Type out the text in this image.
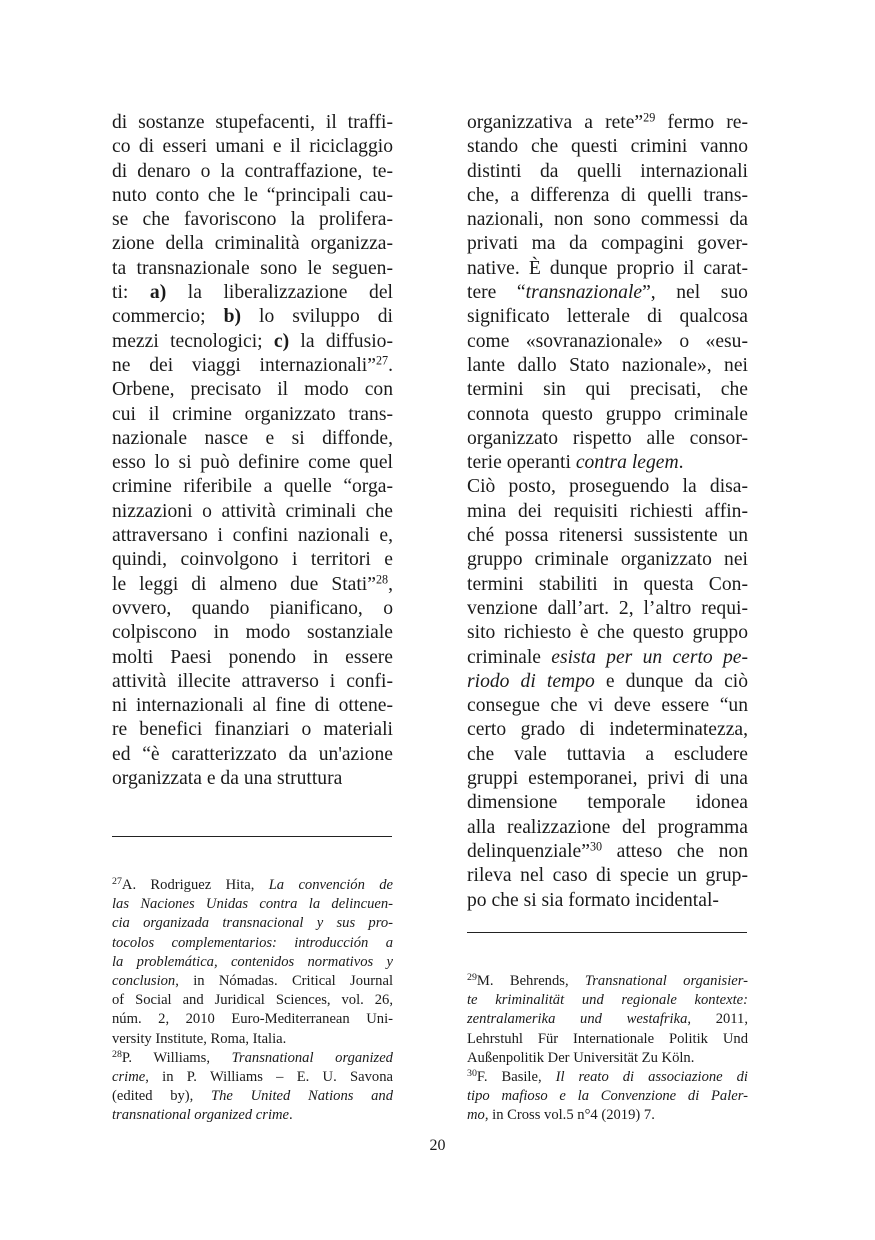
di sostanze stupefacenti, il traffi-
co di esseri umani e il riciclaggio
di denaro o la contraffazione, te-
nuto conto che le “principali cau-
se che favoriscono la prolifera-
zione della criminalità organizza-
ta transnazionale sono le seguen-
ti: a) la liberalizzazione del
commercio; b) lo sviluppo di
mezzi tecnologici; c) la diffusio-
ne dei viaggi internazionali”$^{27}$.
Orbene, precisato il modo con
cui il crimine organizzato trans-
nazionale nasce e si diffonde,
esso lo si può definire come quel
crimine riferibile a quelle “orga-
nizzazioni o attività criminali che
attraversano i confini nazionali e,
quindi, coinvolgono i territori e
le leggi di almeno due Stati”$^{28}$,
ovvero, quando pianificano, o
colpiscono in modo sostanziale
molti Paesi ponendo in essere
attività illecite attraverso i confi-
ni internazionali al fine di ottene-
re benefici finanziari o materiali
ed “è caratterizzato da un'azione
organizzata e da una struttura
$^{27}$A. Rodriguez Hita, La convención de
las Naciones Unidas contra la delincuen-
cia organizada transnacional y sus pro-
tocolos complementarios: introducción a
la problemática, contenidos normativos y
conclusion, in Nómadas. Critical Journal
of Social and Juridical Sciences, vol. 26,
núm. 2, 2010 Euro-Mediterranean Uni-
versity Institute, Roma, Italia.
$^{28}$P. Williams, Transnational organized
crime, in P. Williams – E. U. Savona
(edited by), The United Nations and
transnational organized crime.
organizzativa a rete”$^{29}$ fermo re-
stando che questi crimini vanno
distinti da quelli internazionali
che, a differenza di quelli trans-
nazionali, non sono commessi da
privati ma da compagini gover-
native. È dunque proprio il carat-
tere “transnazionale”, nel suo
significato letterale di qualcosa
come «sovranazionale» o «esu-
lante dallo Stato nazionale», nei
termini sin qui precisati, che
connota questo gruppo criminale
organizzato rispetto alle consor-
terie operanti contra legem.
Ciò posto, proseguendo la disa-
mina dei requisiti richiesti affin-
ché possa ritenersi sussistente un
gruppo criminale organizzato nei
termini stabiliti in questa Con-
venzione dall’art. 2, l’altro requi-
sito richiesto è che questo gruppo
criminale esista per un certo pe-
riodo di tempo e dunque da ciò
consegue che vi deve essere “un
certo grado di indeterminatezza,
che vale tuttavia a escludere
gruppi estemporanei, privi di una
dimensione temporale idonea
alla realizzazione del programma
delinquenziale”$^{30}$ atteso che non
rileva nel caso di specie un grup-
po che si sia formato incidental-
$^{29}$M. Behrends, Transnational organisier-
te kriminalität und regionale kontexte:
zentralamerika und westafrika, 2011,
Lehrstuhl Für Internationale Politik Und
Außenpolitik Der Universität Zu Köln.
$^{30}$F. Basile, Il reato di associazione di
tipo mafioso e la Convenzione di Paler-
mo, in Cross vol.5 n°4 (2019) 7.
20
